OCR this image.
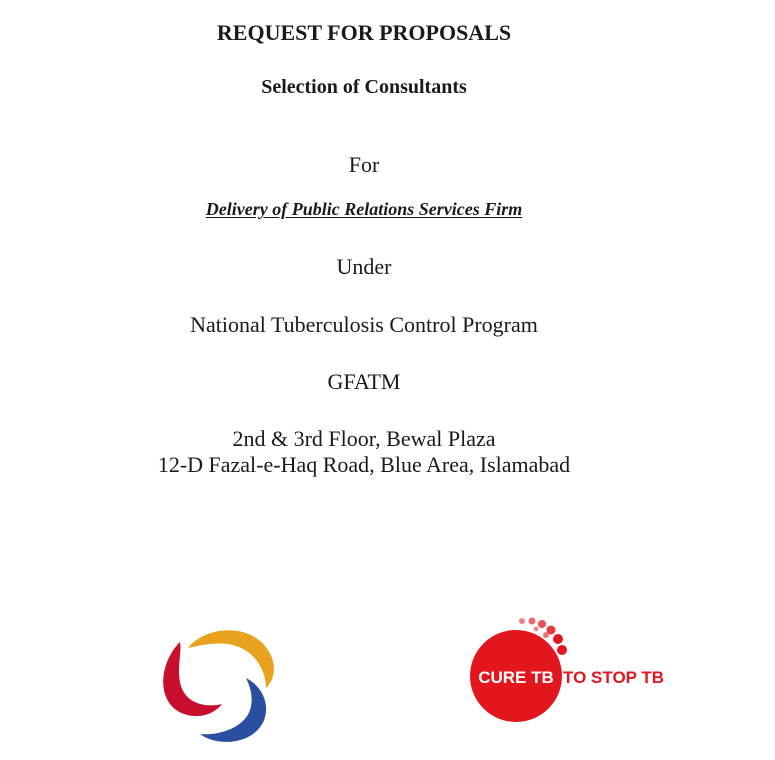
REQUEST FOR PROPOSALS
Selection of Consultants
For
Delivery of Public Relations Services Firm
Under
National Tuberculosis Control Program
GFATM
2nd & 3rd Floor, Bewal Plaza
12-D Fazal-e-Haq Road, Blue Area, Islamabad
CURE TB TO STOP TB
